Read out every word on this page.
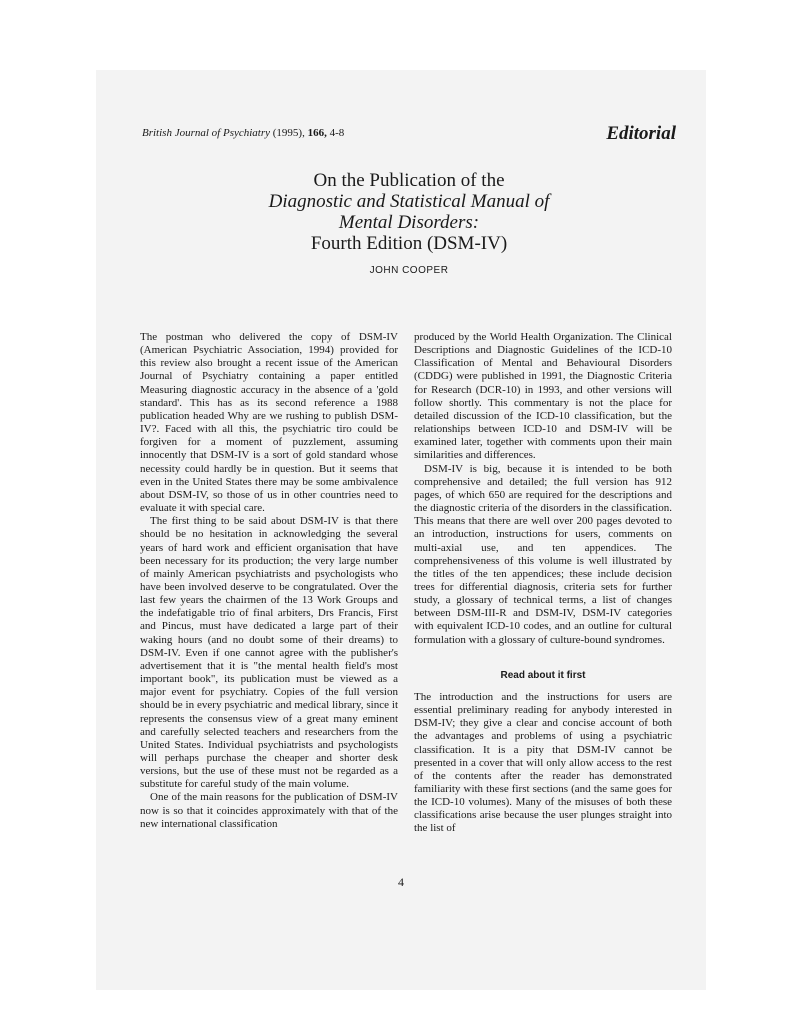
British Journal of Psychiatry (1995), 166, 4-8	Editorial

On the Publication of the

Diagnostic and Statistical Manual of

Mental Disorders:

Fourth Edition (DSM-IV)

JOHN COOPER

The postman who delivered the copy of DSM-IV (American Psychiatric Association, 1994) provided for this review also brought a recent issue of the American Journal of Psychiatry containing a paper entitled Measuring diagnostic accuracy in the absence of a 'gold standard'. This has as its second reference a 1988 publication headed Why are we rushing to publish DSM-IV?. Faced with all this, the psychiatric tiro could be forgiven for a moment of puzzlement, assuming innocently that DSM-IV is a sort of gold standard whose necessity could hardly be in question. But it seems that even in the United States there may be some ambivalence about DSM-IV, so those of us in other countries need to evaluate it with special care.

The first thing to be said about DSM-IV is that there should be no hesitation in acknowledging the several years of hard work and efficient organisation that have been necessary for its production; the very large number of mainly American psychiatrists and psychologists who have been involved deserve to be congratulated. Over the last few years the chairmen of the 13 Work Groups and the indefatigable trio of final arbiters, Drs Francis, First and Pincus, must have dedicated a large part of their waking hours (and no doubt some of their dreams) to DSM-IV. Even if one cannot agree with the publisher's advertisement that it is "the mental health field's most important book", its publication must be viewed as a major event for psychiatry. Copies of the full version should be in every psychiatric and medical library, since it represents the consensus view of a great many eminent and carefully selected teachers and researchers from the United States. Individual psychiatrists and psychologists will perhaps purchase the cheaper and shorter desk versions, but the use of these must not be regarded as a substitute for careful study of the main volume.

One of the main reasons for the publication of DSM-IV now is so that it coincides approximately with that of the new international classification

produced by the World Health Organization. The Clinical Descriptions and Diagnostic Guidelines of the ICD-10 Classification of Mental and Behavioural Disorders (CDDG) were published in 1991, the Diagnostic Criteria for Research (DCR-10) in 1993, and other versions will follow shortly. This commentary is not the place for detailed discussion of the ICD-10 classification, but the relationships between ICD-10 and DSM-IV will be examined later, together with comments upon their main similarities and differences.

DSM-IV is big, because it is intended to be both comprehensive and detailed; the full version has 912 pages, of which 650 are required for the descriptions and the diagnostic criteria of the disorders in the classification. This means that there are well over 200 pages devoted to an introduction, instructions for users, comments on multi-axial use, and ten appendices. The comprehensiveness of this volume is well illustrated by the titles of the ten appendices; these include decision trees for differential diagnosis, criteria sets for further study, a glossary of technical terms, a list of changes between DSM-III-R and DSM-IV, DSM-IV categories with equivalent ICD-10 codes, and an outline for cultural formulation with a glossary of culture-bound syndromes.

Read about it first

The introduction and the instructions for users are essential preliminary reading for anybody interested in DSM-IV; they give a clear and concise account of both the advantages and problems of using a psychiatric classification. It is a pity that DSM-IV cannot be presented in a cover that will only allow access to the rest of the contents after the reader has demonstrated familiarity with these first sections (and the same goes for the ICD-10 volumes). Many of the misuses of both these classifications arise because the user plunges straight into the list of

4
